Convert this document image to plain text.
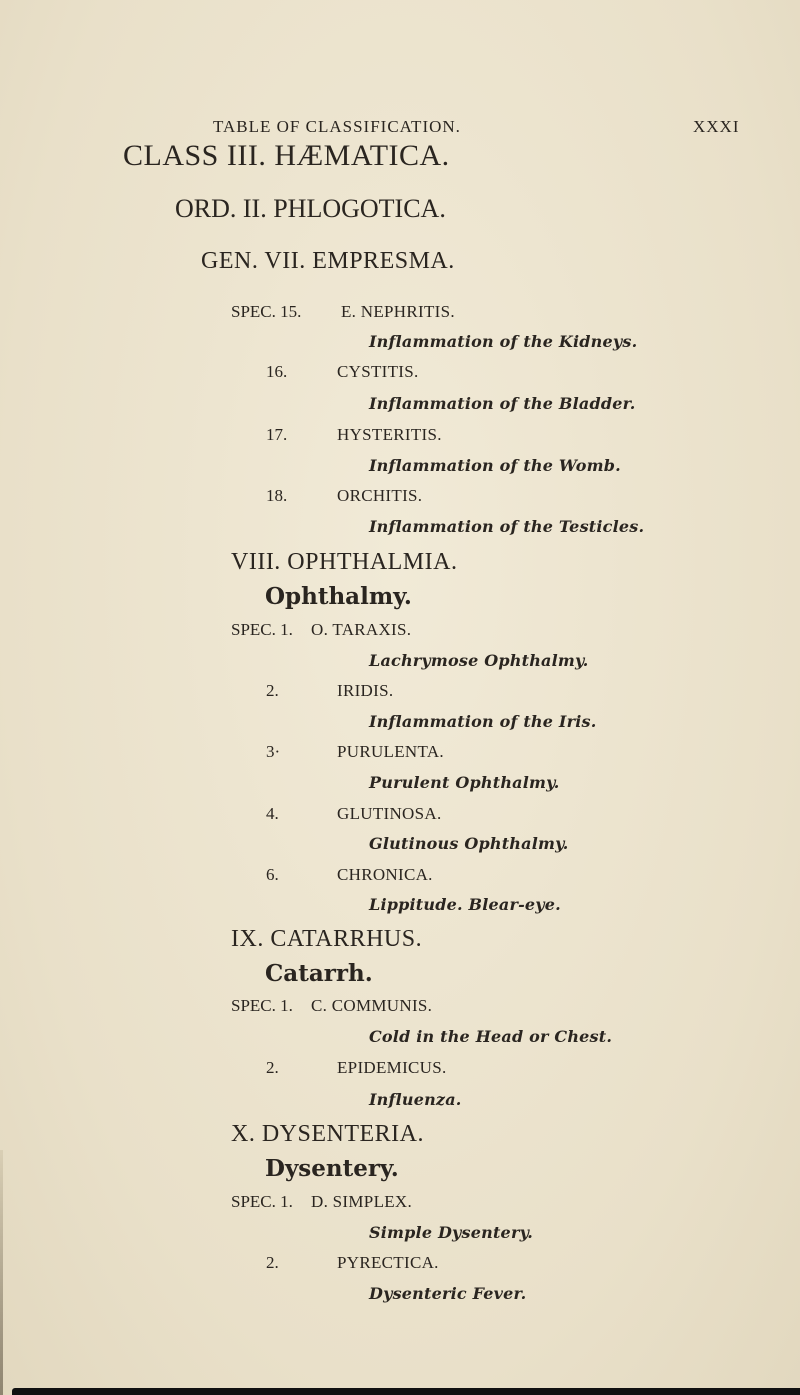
TABLE OF CLASSIFICATION.	XXXI
CLASS III. HÆMATICA.
ORD. II. PHLOGOTICA.
GEN. VII. EMPRESMA.
SPEC. 15. E. NEPHRITIS.
Inflammation of the Kidneys.
16.	CYSTITIS.
Inflammation of the Bladder.
17.	HYSTERITIS.
Inflammation of the Womb.
18.	ORCHITIS.
Inflammation of the Testicles.
VIII. OPHTHALMIA.
Ophthalmy.
SPEC. 1. O. TARAXIS.
Lachrymose Ophthalmy.
2.	IRIDIS.
Inflammation of the Iris.
3·	PURULENTA.
Purulent Ophthalmy.
4.	GLUTINOSA.
Glutinous Ophthalmy.
6.	CHRONICA.
Lippitude. Blear-eye.
IX. CATARRHUS.
Catarrh.
SPEC. 1. C. COMMUNIS.
Cold in the Head or Chest.
2.	EPIDEMICUS.
Influenza.
X. DYSENTERIA.
Dysentery.
SPEC. 1. D. SIMPLEX.
Simple Dysentery.
2.	PYRECTICA.
Dysenteric Fever.
